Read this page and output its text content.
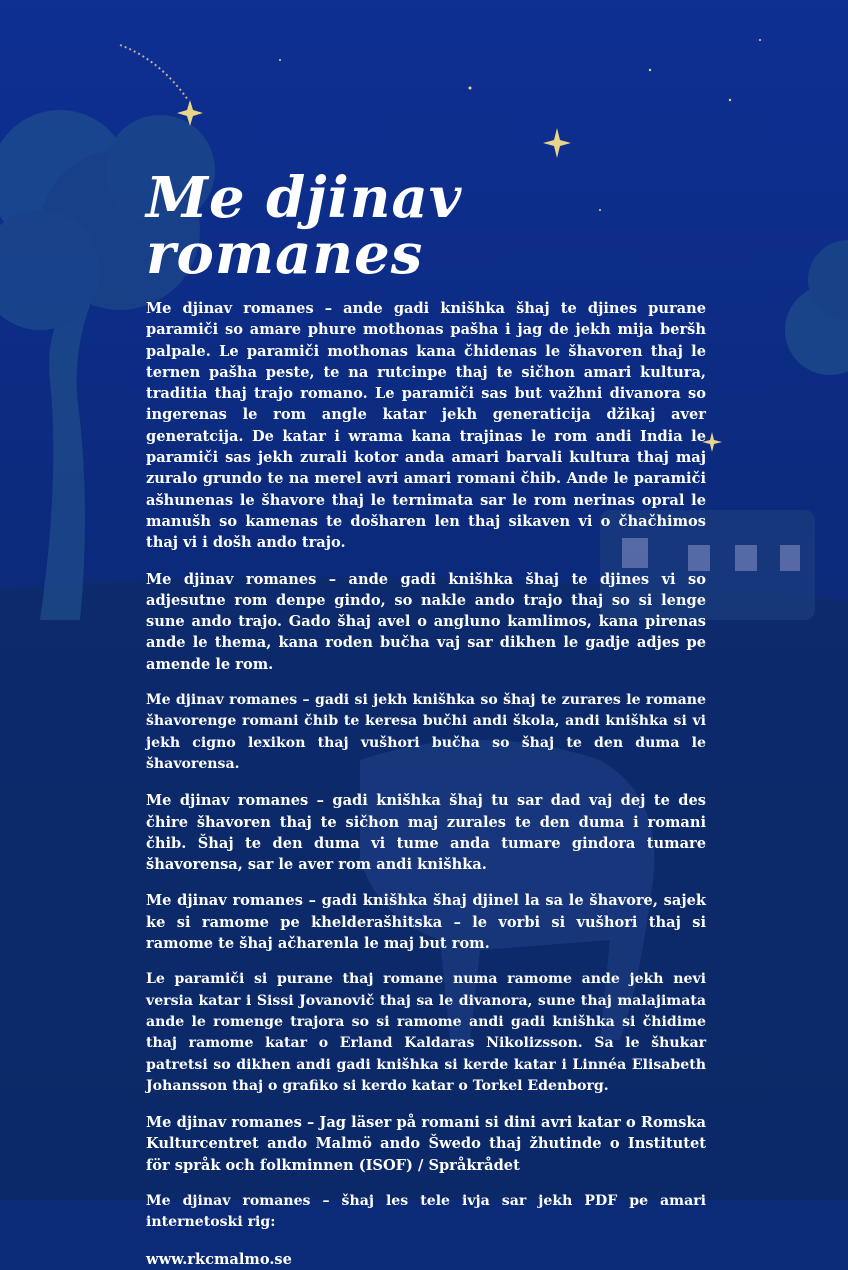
Me djinav romanes

Me djinav romanes – ande gadi knišhka šhaj te djines purane paramiči so amare phure mothonas pašha i jag de jekh mija beršh palpale. Le paramiči mothonas kana čhidenas le šhavoren thaj le ternen pašha peste, te na rutcinpe thaj te sičhon amari kultura, traditia thaj trajo romano. Le paramiči sas but važhni divanora so ingerenas le rom angle katar jekh generaticija džikaj aver generatcija. De katar i wrama kana trajinas le rom andi India le paramiči sas jekh zurali kotor anda amari barvali kultura thaj maj zuralo grundo te na merel avri amari romani čhib. Ande le paramiči ašhunenas le šhavore thaj le ternimata sar le rom nerinas opral le manušh so kamenas te došharen len thaj sikaven vi o čhačhimos thaj vi i došh ando trajo.

Me djinav romanes – ande gadi knišhka šhaj te djines vi so adjesutne rom denpe gindo, so nakle ando trajo thaj so si lenge sune ando trajo. Gado šhaj avel o angluno kamlimos, kana pirenas ande le thema, kana roden bučha vaj sar dikhen le gadje adjes pe amende le rom.

Me djinav romanes – gadi si jekh knišhka so šhaj te zurares le romane šhavorenge romani čhib te keresa bučhi andi škola, andi knišhka si vi jekh cigno lexikon thaj vušhori bučha so šhaj te den duma le šhavorensa.

Me djinav romanes – gadi knišhka šhaj tu sar dad vaj dej te des čhire šhavoren thaj te sičhon maj zurales te den duma i romani čhib. Šhaj te den duma vi tume anda tumare gindora tumare šhavorensa, sar le aver rom andi knišhka.

Me djinav romanes – gadi knišhka šhaj djinel la sa le šhavore, sajek ke si ramome pe khelderašhitska – le vorbi si vušhori thaj si ramome te šhaj ačharenla le maj but rom.

Le paramiči si purane thaj romane numa ramome ande jekh nevi versia katar i Sissi Jovanovič thaj sa le divanora, sune thaj malajimata ande le romenge trajora so si ramome andi gadi knišhka si čhidime thaj ramome katar o Erland Kaldaras Nikolizsson. Sa le šhukar patretsi so dikhen andi gadi knišhka si kerde katar i Linnéa Elisabeth Johansson thaj o grafiko si kerdo katar o Torkel Edenborg.

Me djinav romanes – Jag läser på romani si dini avri katar o Romska Kulturcentret ando Malmö ando Šwedo thaj žhutinde o Institutet för språk och folkminnen (ISOF) / Språkrådet

Me djinav romanes – šhaj les tele ivja sar jekh PDF pe amari internetoski rig:

www.rkcmalmo.se
